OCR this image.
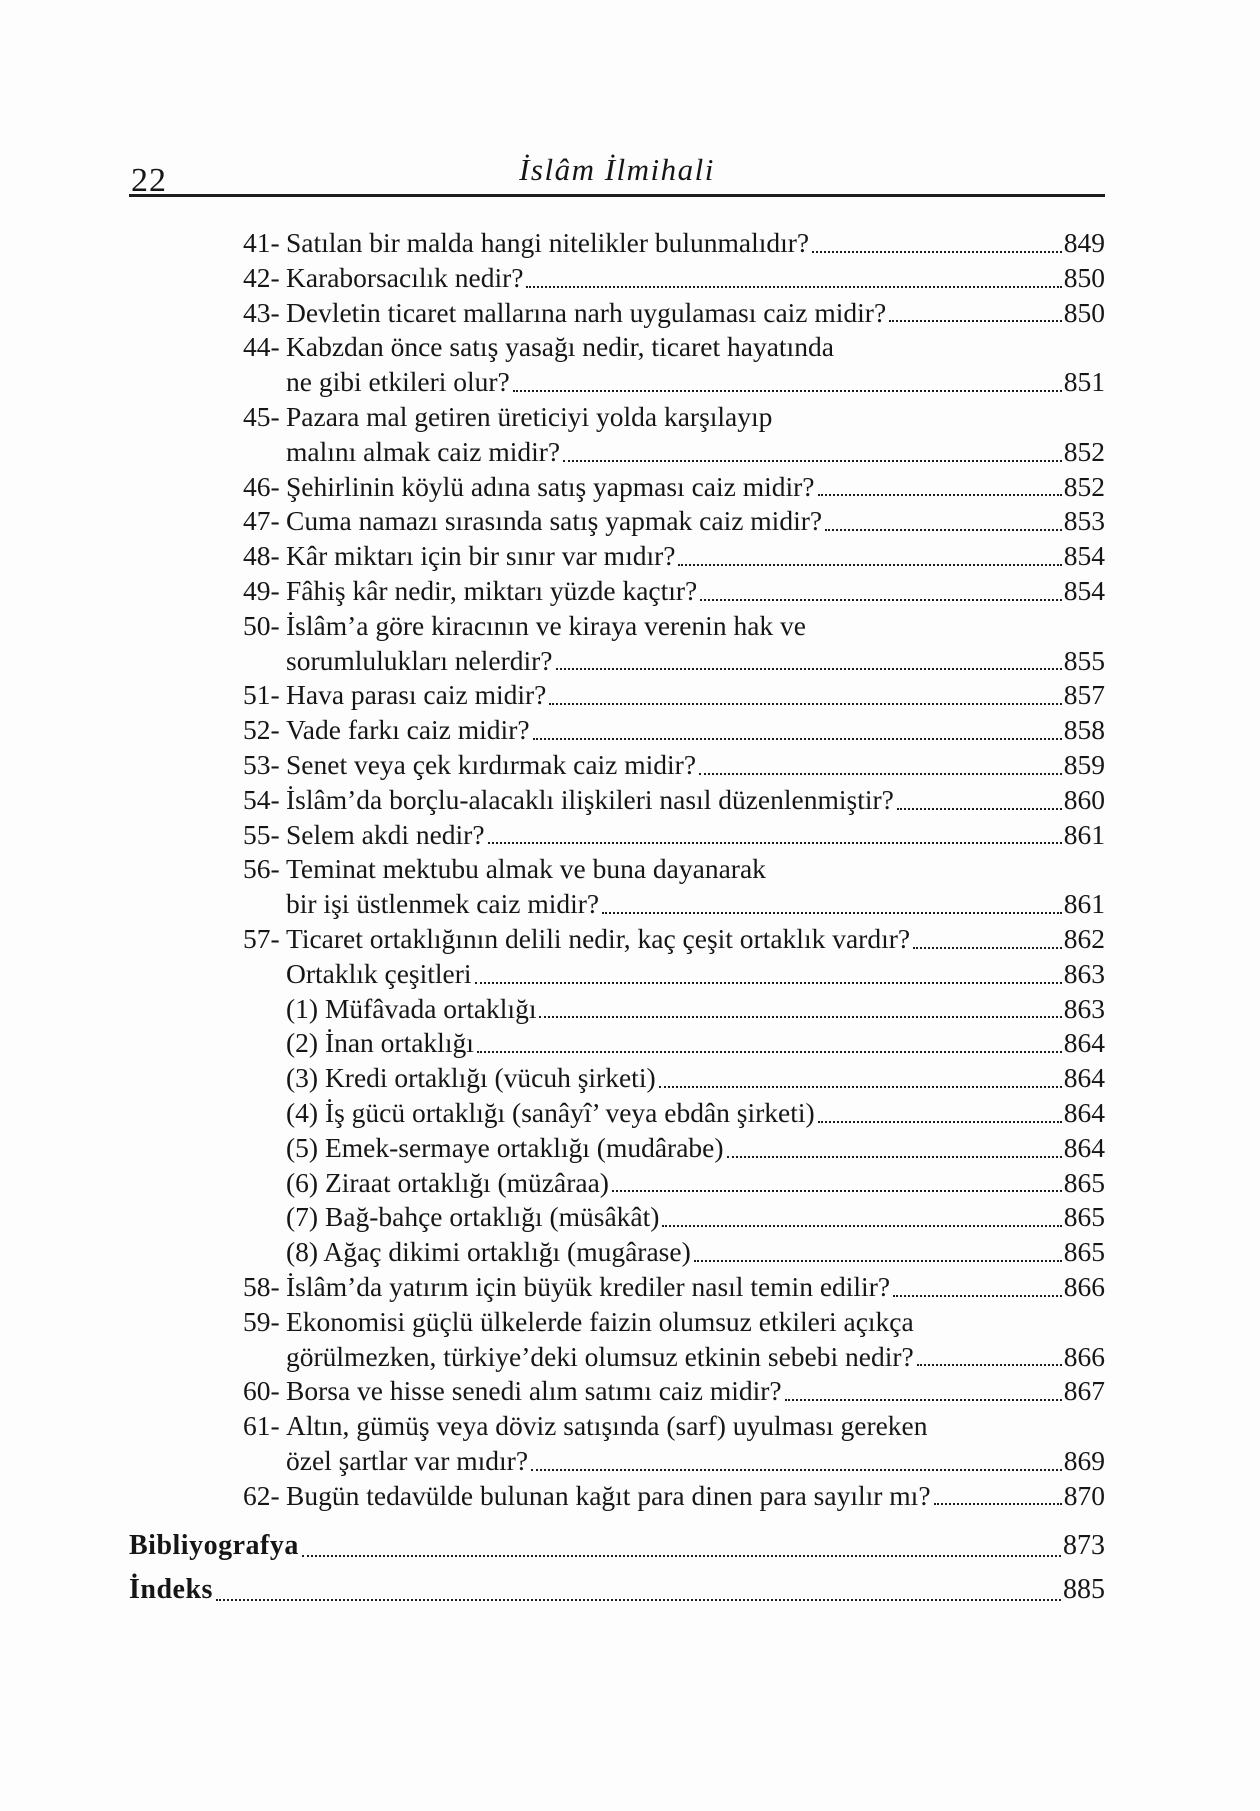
22	İslâm İlmihali
41- Satılan bir malda hangi nitelikler bulunmalıdır?	849
42- Karaborsacılık nedir?	850
43- Devletin ticaret mallarına narh uygulaması caiz midir?	850
44- Kabzdan önce satış yasağı nedir, ticaret hayatında
ne gibi etkileri olur?	851
45- Pazara mal getiren üreticiyi yolda karşılayıp
malını almak caiz midir?	852
46- Şehirlinin köylü adına satış yapması caiz midir?	852
47- Cuma namazı sırasında satış yapmak caiz midir?	853
48- Kâr miktarı için bir sınır var mıdır?	854
49- Fâhiş kâr nedir, miktarı yüzde kaçtır?	854
50- İslâm’a göre kiracının ve kiraya verenin hak ve
sorumlulukları nelerdir?	855
51- Hava parası caiz midir?	857
52- Vade farkı caiz midir?	858
53- Senet veya çek kırdırmak caiz midir?	859
54- İslâm’da borçlu-alacaklı ilişkileri nasıl düzenlenmiştir?	860
55- Selem akdi nedir?	861
56- Teminat mektubu almak ve buna dayanarak
bir işi üstlenmek caiz midir?	861
57- Ticaret ortaklığının delili nedir, kaç çeşit ortaklık vardır?	862
Ortaklık çeşitleri	863
(1) Müfâvada ortaklığı	863
(2) İnan ortaklığı	864
(3) Kredi ortaklığı (vücuh şirketi)	864
(4) İş gücü ortaklığı (sanâyî’ veya ebdân şirketi)	864
(5) Emek-sermaye ortaklığı (mudârabe)	864
(6) Ziraat ortaklığı (müzâraa)	865
(7) Bağ-bahçe ortaklığı (müsâkât)	865
(8) Ağaç dikimi ortaklığı (mugârase)	865
58- İslâm’da yatırım için büyük krediler nasıl temin edilir?	866
59- Ekonomisi güçlü ülkelerde faizin olumsuz etkileri açıkça
görülmezken, türkiye’deki olumsuz etkinin sebebi nedir?	866
60- Borsa ve hisse senedi alım satımı caiz midir?	867
61- Altın, gümüş veya döviz satışında (sarf) uyulması gereken
özel şartlar var mıdır?	869
62- Bugün tedavülde bulunan kağıt para dinen para sayılır mı?	870
Bibliyografya	873
İndeks	885
